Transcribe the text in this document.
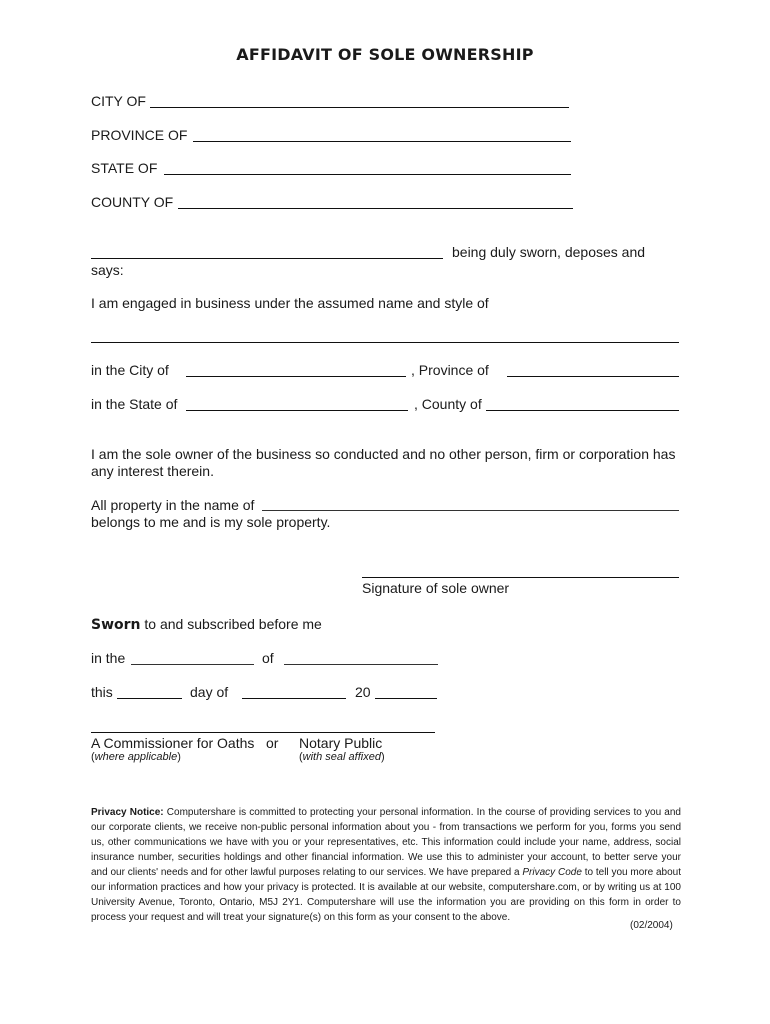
AFFIDAVIT OF SOLE OWNERSHIP
CITY OF
PROVINCE OF
STATE OF
COUNTY OF
being duly sworn, deposes and
says:
I am engaged in business under the assumed name and style of
in the City of	, Province of
in the State of	, County of
I am the sole owner of the business so conducted and no other person, firm or corporation has
any interest therein.
All property in the name of
belongs to me and is my sole property.
Signature of sole owner
Sworn to and subscribed before me
in the	of
this	day of	20
A Commissioner for Oaths or Notary Public
(where applicable)	(with seal affixed)
Privacy Notice: Computershare is committed to protecting your personal information. In the course of providing services to you and our corporate clients, we receive non-public personal information about you - from transactions we perform for you, forms you send us, other communications we have with you or your representatives, etc. This information could include your name, address, social insurance number, securities holdings and other financial information. We use this to administer your account, to better serve your and our clients' needs and for other lawful purposes relating to our services. We have prepared a Privacy Code to tell you more about our information practices and how your privacy is protected. It is available at our website, computershare.com, or by writing us at 100 University Avenue, Toronto, Ontario, M5J 2Y1. Computershare will use the information you are providing on this form in order to process your request and will treat your signature(s) on this form as your consent to the above.
(02/2004)
